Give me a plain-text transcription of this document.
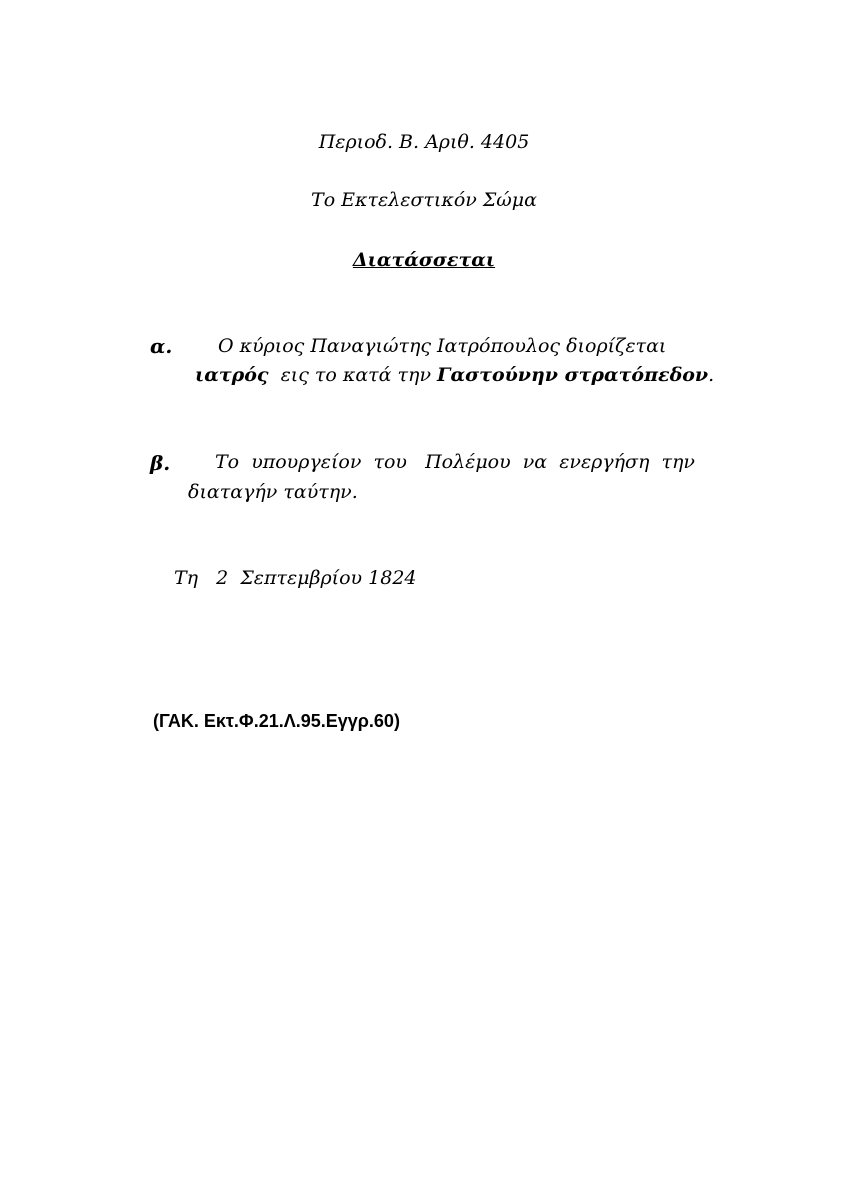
Περιοδ. Β. Αριθ. 4405
Το Εκτελεστικόν Σώμα
Διατάσσεται
α. Ο κύριος Παναγιώτης Ιατρόπουλος διορίζεται
ιατρός  εις το κατά την Γαστούνην στρατόπεδον.
β. Το  υπουργείον  του   Πολέμου  να  ενεργήση  την
διαταγήν ταύτην.
Τη   2  Σεπτεμβρίου 1824
(ΓΑΚ. Εκτ.Φ.21.Λ.95.Εγγρ.60)
